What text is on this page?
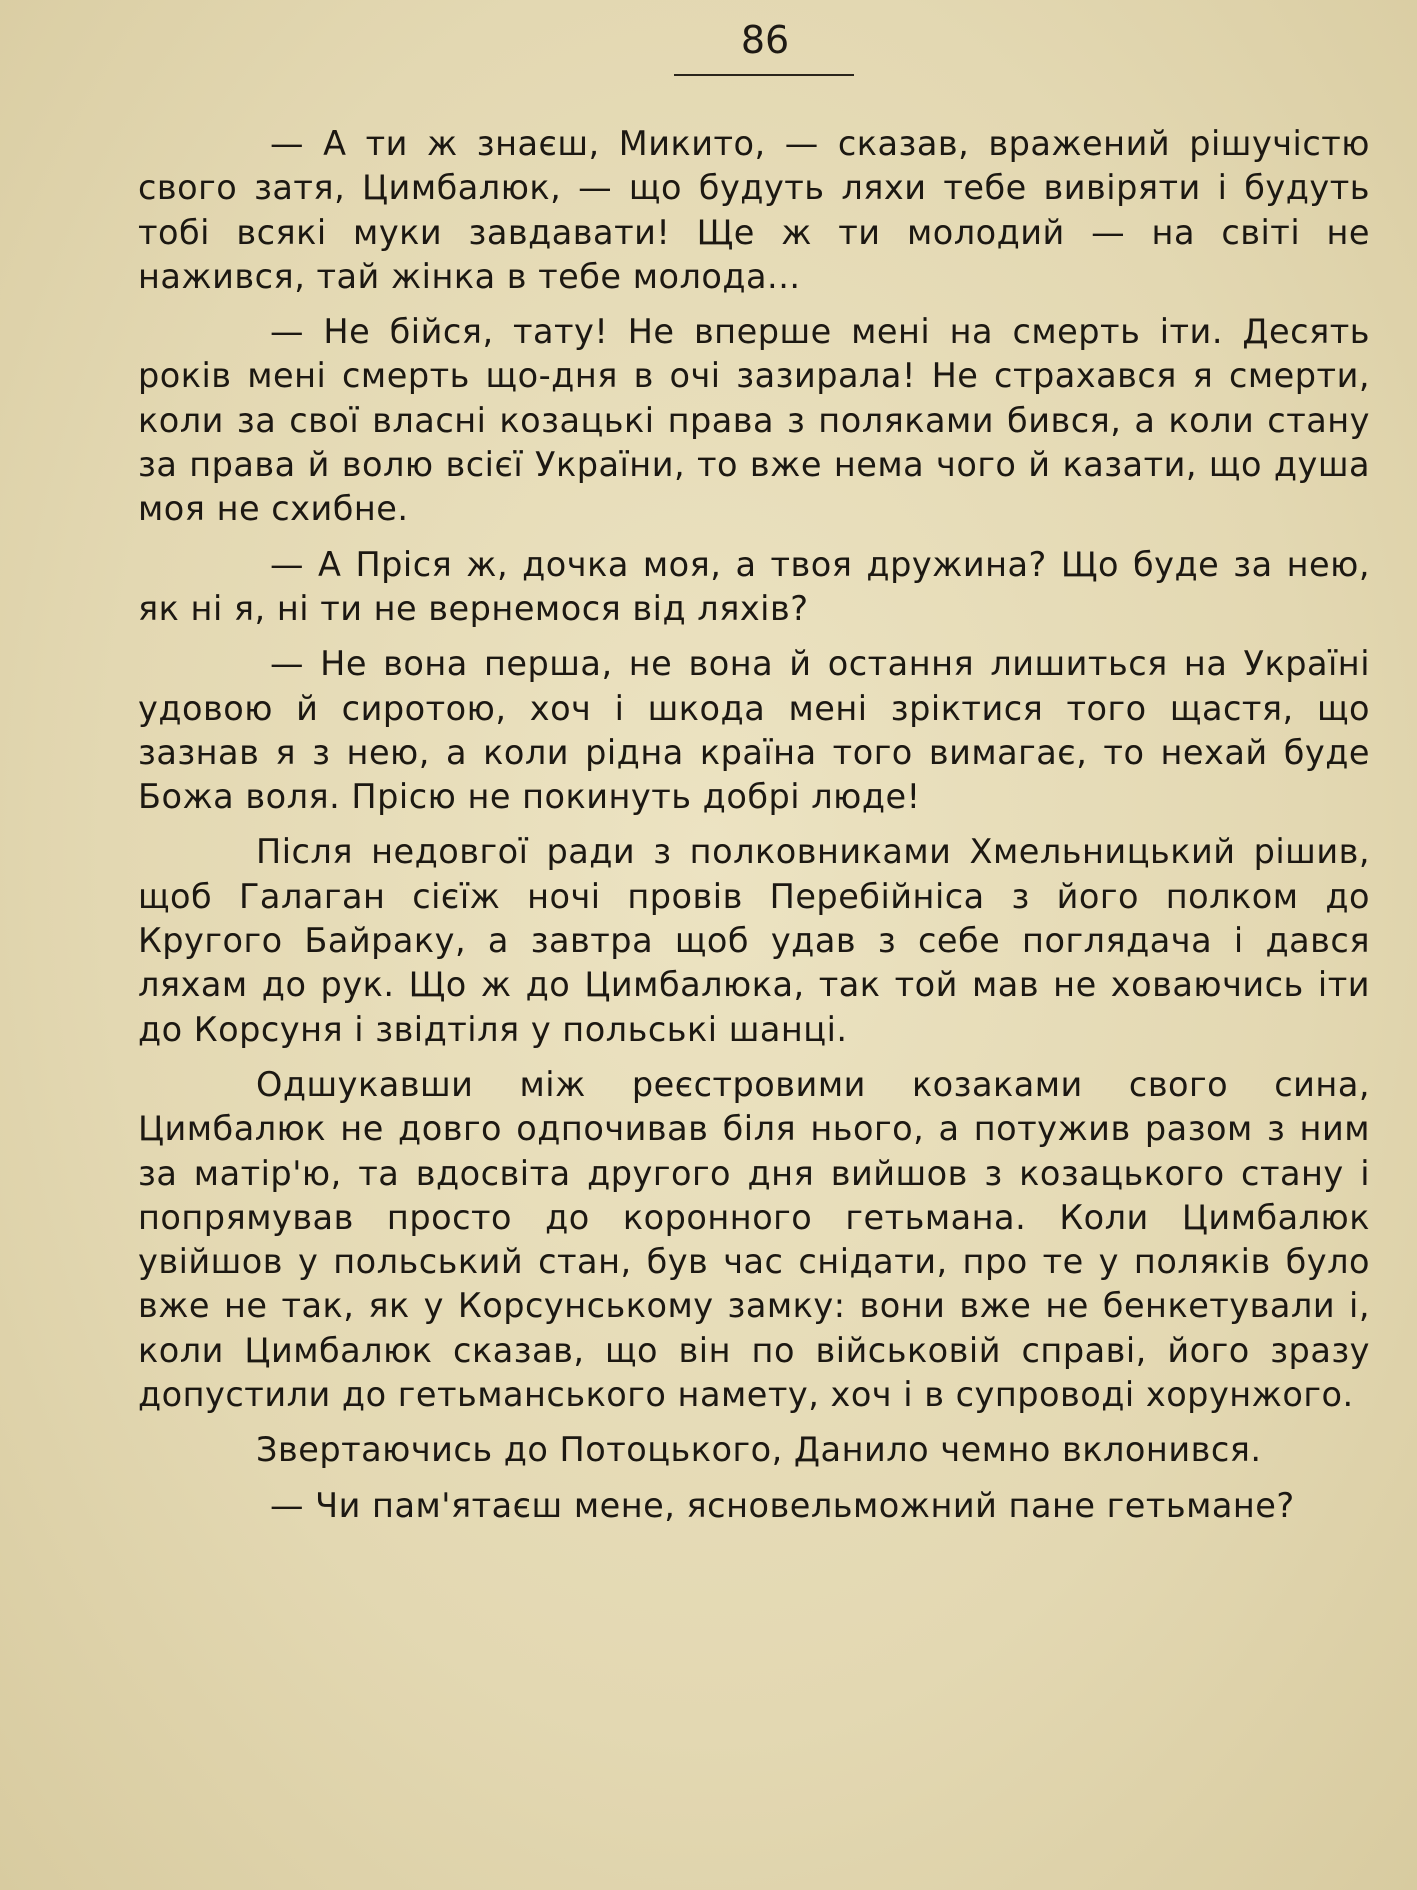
86

— А ти ж знаєш, Микито, — сказав, вражений рішучістю свого затя, Цимбалюк, — що будуть ляхи тебе вивіряти і будуть тобі всякі муки завдавати! Ще ж ти молодий — на світі не нажився, тай жінка в тебе молода...

— Не бійся, тату! Не вперше мені на смерть іти. Десять років мені смерть що-дня в очі зазирала! Не страхався я смерти, коли за свої власні козацькі права з поляками бився, а коли стану за права й волю всієї України, то вже нема чого й казати, що душа моя не схибне.

— А Пріся ж, дочка моя, а твоя дружина? Що буде за нею, як ні я, ні ти не вернемося від ляхів?

— Не вона перша, не вона й остання лишиться на Україні удовою й сиротою, хоч і шкода мені зріктися того щастя, що зазнав я з нею, а коли рідна країна того вимагає, то нехай буде Божа воля. Прісю не покинуть добрі люде!

Після недовгої ради з полковниками Хмельницький рішив, щоб Галаган сієїж ночі провів Перебійніса з його полком до Кругого Байраку, а завтра щоб удав з себе поглядача і дався ляхам до рук. Що ж до Цимбалюка, так той мав не ховаючись іти до Корсуня і звідтіля у польські шанці.

Одшукавши між реєстровими козаками свого сина, Цимбалюк не довго одпочивав біля нього, а потужив разом з ним за матір'ю, та вдосвіта другого дня вийшов з козацького стану і попрямував просто до коронного гетьмана. Коли Цимбалюк увійшов у польський стан, був час снідати, про те у поляків було вже не так, як у Корсунському замку: вони вже не бенкетували і, коли Цимбалюк сказав, що він по військовій справі, його зразу допустили до гетьманського намету, хоч і в супроводі хорунжого.

Звертаючись до Потоцького, Данило чемно вклонився.

— Чи пам'ятаєш мене, ясновельможний пане гетьмане?
